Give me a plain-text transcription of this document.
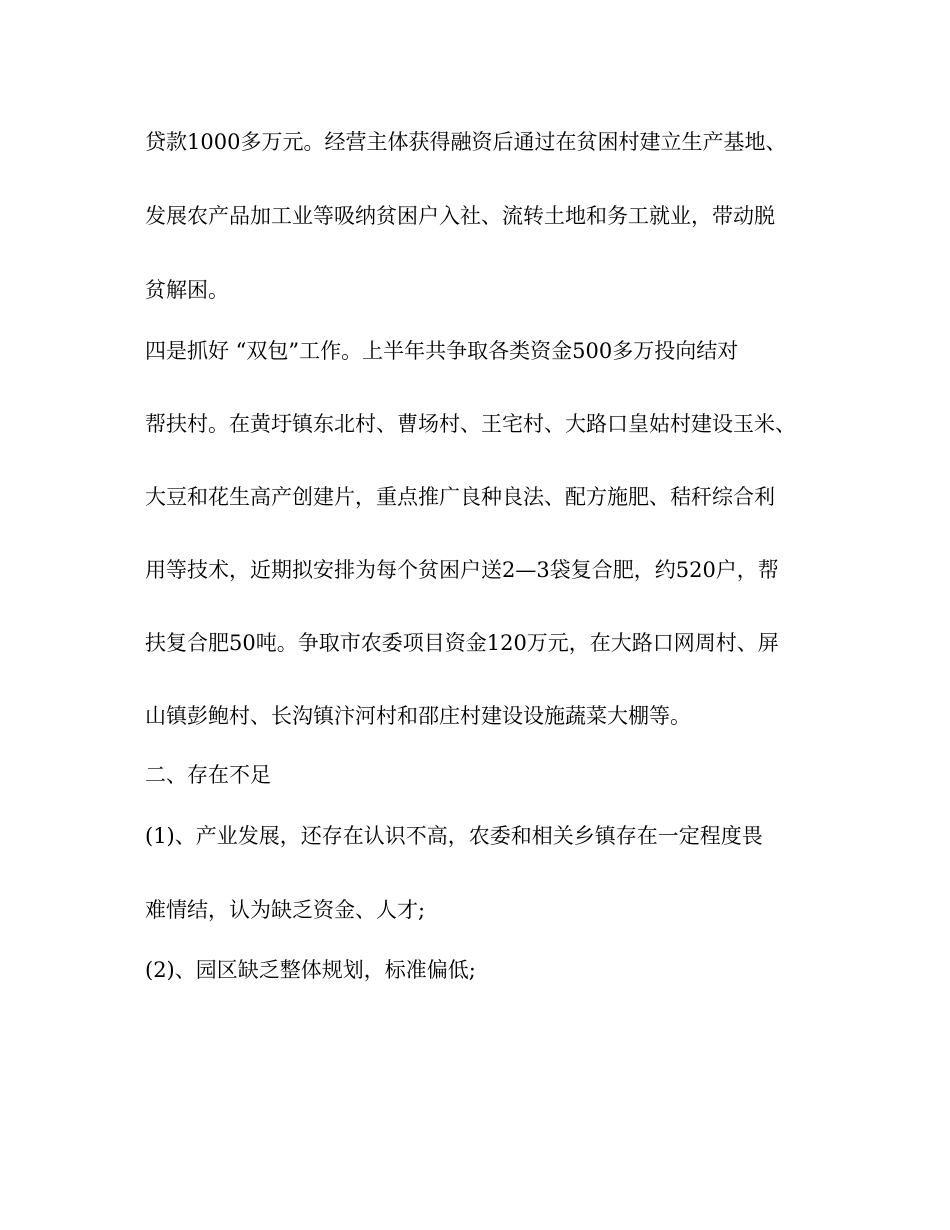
贷款1000多万元。经营主体获得融资后通过在贫困村建立生产基地、
发展农产品加工业等吸纳贫困户入社、流转土地和务工就业，带动脱
贫解困。
四是抓好 “双包”工作。上半年共争取各类资金500多万投向结对
帮扶村。在黄圩镇东北村、曹场村、王宅村、大路口皇姑村建设玉米、
大豆和花生高产创建片，重点推广良种良法、配方施肥、秸秆综合利
用等技术，近期拟安排为每个贫困户送2—3袋复合肥，约520户，帮
扶复合肥50吨。争取市农委项目资金120万元，在大路口网周村、屏
山镇彭鲍村、长沟镇汴河村和邵庄村建设设施蔬菜大棚等。
二、存在不足
(1)、产业发展，还存在认识不高，农委和相关乡镇存在一定程度畏
难情结，认为缺乏资金、人才;
(2)、园区缺乏整体规划，标准偏低;
